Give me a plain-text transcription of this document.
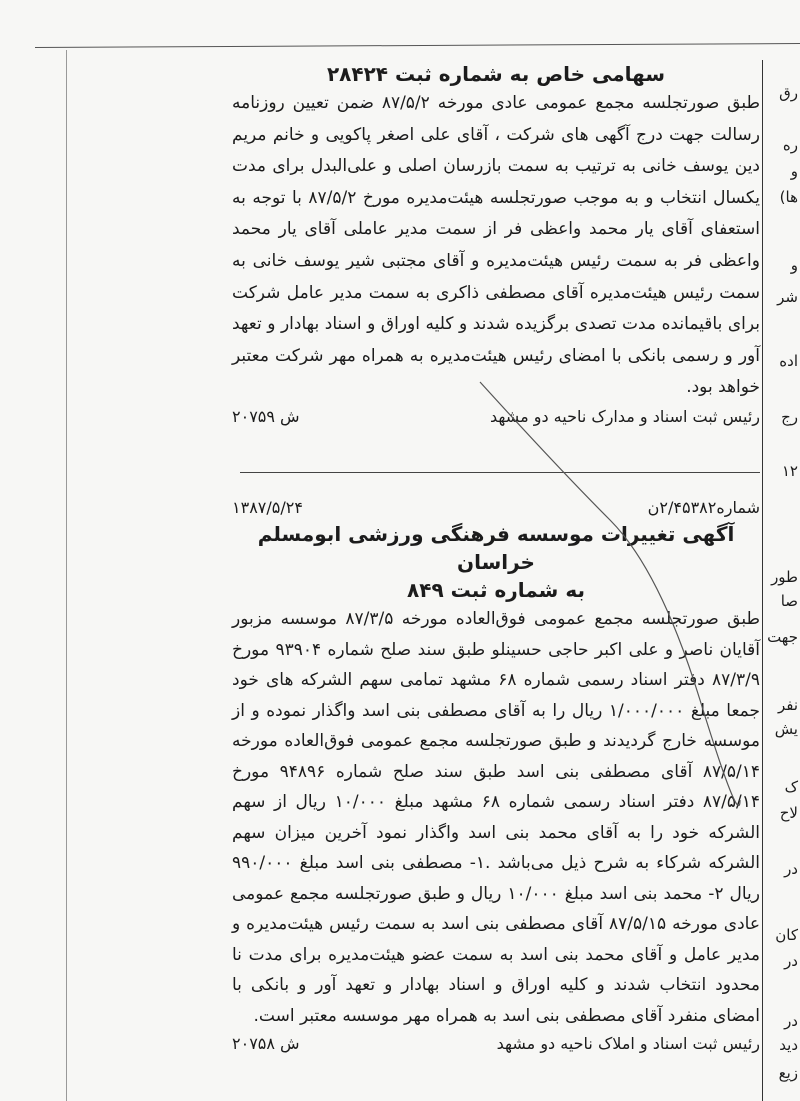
سهامی خاص به شماره ثبت ۲۸۴۲۴

طبق صورتجلسه مجمع عمومی عادی مورخه ۸۷/۵/۲ ضمن تعیین روزنامه رسالت جهت درج آگهی های شرکت ، آقای علی اصغر پاکویی و خانم مریم دین یوسف خانی به ترتیب به سمت بازرسان اصلی و علی‌البدل برای مدت یکسال انتخاب و به موجب صورتجلسه هیئت‌مدیره مورخ ۸۷/۵/۲ با توجه به استعفای آقای یار محمد واعظی فر از سمت مدیر عاملی آقای یار محمد واعظی فر به سمت رئیس هیئت‌مدیره و آقای مجتبی شیر یوسف خانی به سمت رئیس هیئت‌مدیره آقای مصطفی ذاکری به سمت مدیر عامل شرکت برای باقیمانده مدت تصدی برگزیده شدند و کلیه اوراق و اسناد بهادار و تعهد آور و رسمی بانکی با امضای رئیس هیئت‌مدیره به همراه مهر شرکت معتبر خواهد بود.

رئیس ثبت اسناد و مدارک ناحیه دو مشهد
ش ۲۰۷۵۹
شماره۲/۴۵۳۸۲ن
۱۳۸۷/۵/۲۴
آگهی تغییرات موسسه فرهنگی ورزشی ابومسلم خراسان
به شماره ثبت ۸۴۹

طبق صورتجلسه مجمع عمومی فوق‌العاده مورخه ۸۷/۳/۵ موسسه مزبور آقایان ناصر و علی اکبر حاجی حسینلو طبق سند صلح شماره ۹۳۹۰۴ مورخ ۸۷/۳/۹ دفتر اسناد رسمی شماره ۶۸ مشهد تمامی سهم الشرکه های خود جمعا مبلغ ۱/۰۰۰/۰۰۰ ریال را به آقای مصطفی بنی اسد واگذار نموده و از موسسه خارج گردیدند و طبق صورتجلسه مجمع عمومی فوق‌العاده مورخه ۸۷/۵/۱۴ آقای مصطفی بنی اسد طبق سند صلح شماره ۹۴۸۹۶ مورخ ۸۷/۵/۱۴ دفتر اسناد رسمی شماره ۶۸ مشهد مبلغ ۱۰/۰۰۰ ریال از سهم الشرکه خود را به آقای محمد بنی اسد واگذار نمود آخرین میزان سهم الشرکه شرکاء به شرح ذیل می‌باشد .۱- مصطفی بنی اسد مبلغ ۹۹۰/۰۰۰ ریال ۲- محمد بنی اسد مبلغ ۱۰/۰۰۰ ریال و طبق صورتجلسه مجمع عمومی عادی مورخه ۸۷/۵/۱۵ آقای مصطفی بنی اسد به سمت رئیس هیئت‌مدیره و مدیر عامل و آقای محمد بنی اسد به سمت عضو هیئت‌مدیره برای مدت نا محدود انتخاب شدند و کلیه اوراق و اسناد بهادار و تعهد آور و بانکی با امضای منفرد آقای مصطفی بنی اسد به همراه مهر موسسه معتبر است.

رئیس ثبت اسناد و املاک ناحیه دو مشهد
ش ۲۰۷۵۸
رق
ره
و
ها)
و
شر
اده
رج
۱۲
طور
صا
جهت
نفر
یش
ک
لاح
در
کان
در
در
دید
زیع
